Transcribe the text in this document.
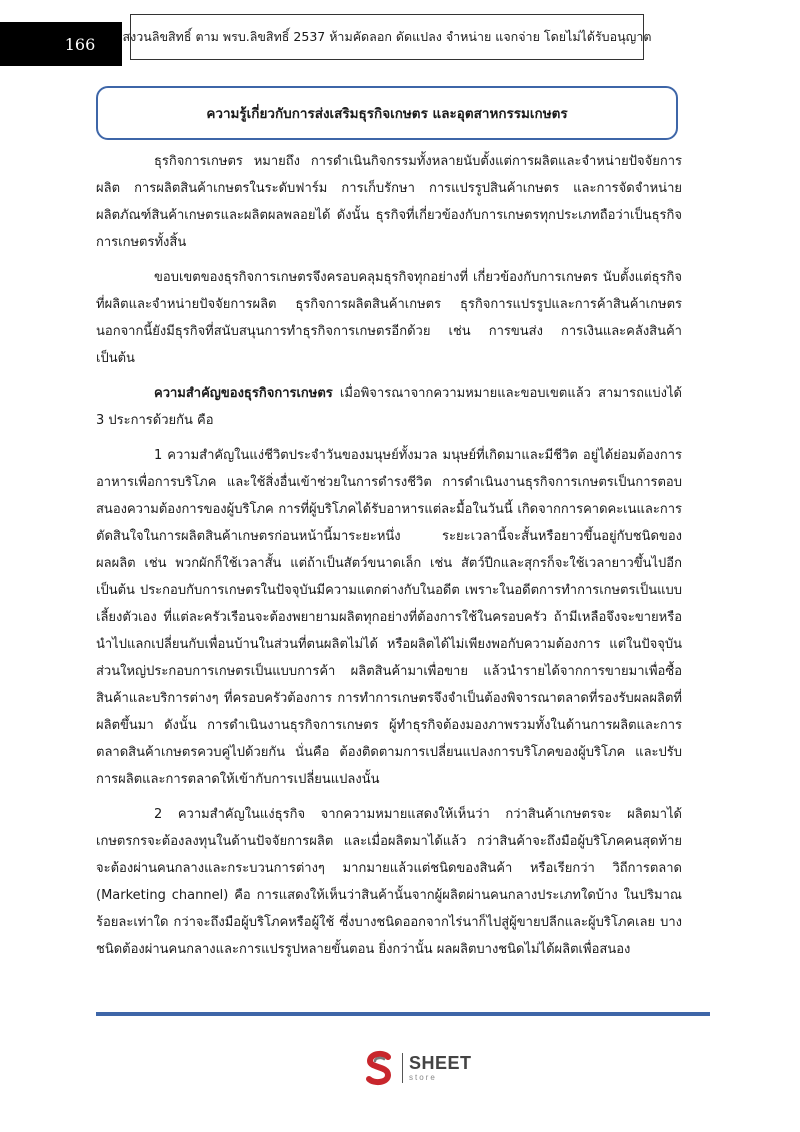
166	สงวนลิขสิทธิ์ ตาม พรบ.ลิขสิทธิ์ 2537 ห้ามคัดลอก ดัดแปลง จำหน่าย แจกจ่าย โดยไม่ได้รับอนุญาต
ความรู้เกี่ยวกับการส่งเสริมธุรกิจเกษตร และอุตสาหกรรมเกษตร

ธุรกิจการเกษตร หมายถึง การดำเนินกิจกรรมทั้งหลายนับตั้งแต่การผลิตและจำหน่ายปัจจัยการผลิต การผลิตสินค้าเกษตรในระดับฟาร์ม การเก็บรักษา การแปรรูปสินค้าเกษตร และการจัดจำหน่ายผลิตภัณฑ์สินค้าเกษตรและผลิตผลพลอยได้ ดังนั้น ธุรกิจที่เกี่ยวข้องกับการเกษตรทุกประเภทถือว่าเป็นธุรกิจการเกษตรทั้งสิ้น

ขอบเขตของธุรกิจการเกษตรจึงครอบคลุมธุรกิจทุกอย่างที่ เกี่ยวข้องกับการเกษตร นับตั้งแต่ธุรกิจที่ผลิตและจำหน่ายปัจจัยการผลิต ธุรกิจการผลิตสินค้าเกษตร ธุรกิจการแปรรูปและการค้าสินค้าเกษตร นอกจากนี้ยังมีธุรกิจที่สนับสนุนการทำธุรกิจการเกษตรอีกด้วย เช่น การขนส่ง การเงินและคลังสินค้า เป็นต้น

ความสำคัญของธุรกิจการเกษตร เมื่อพิจารณาจากความหมายและขอบเขตแล้ว สามารถแบ่งได้ 3 ประการด้วยกัน คือ

1 ความสำคัญในแง่ชีวิตประจำวันของมนุษย์ทั้งมวล มนุษย์ที่เกิดมาและมีชีวิต อยู่ได้ย่อมต้องการอาหารเพื่อการบริโภค และใช้สิ่งอื่นเข้าช่วยในการดำรงชีวิต การดำเนินงานธุรกิจการเกษตรเป็นการตอบสนองความต้องการของผู้บริโภค การที่ผู้บริโภคได้รับอาหารแต่ละมื้อในวันนี้ เกิดจากการคาดคะเนและการตัดสินใจในการผลิตสินค้าเกษตรก่อนหน้านี้มาระยะหนึ่ง ระยะเวลานี้จะสั้นหรือยาวขึ้นอยู่กับชนิดของผลผลิต เช่น พวกผักก็ใช้เวลาสั้น แต่ถ้าเป็นสัตว์ขนาดเล็ก เช่น สัตว์ปีกและสุกรก็จะใช้เวลายาวขึ้นไปอีก เป็นต้น ประกอบกับการเกษตรในปัจจุบันมีความแตกต่างกับในอดีต เพราะในอดีตการทำการเกษตรเป็นแบบเลี้ยงตัวเอง ที่แต่ละครัวเรือนจะต้องพยายามผลิตทุกอย่างที่ต้องการใช้ในครอบครัว ถ้ามีเหลือจึงจะขายหรือนำไปแลกเปลี่ยนกับเพื่อนบ้านในส่วนที่ตนผลิตไม่ได้ หรือผลิตได้ไม่เพียงพอกับความต้องการ แต่ในปัจจุบัน ส่วนใหญ่ประกอบการเกษตรเป็นแบบการค้า ผลิตสินค้ามาเพื่อขาย แล้วนำรายได้จากการขายมาเพื่อซื้อสินค้าและบริการต่างๆ ที่ครอบครัวต้องการ การทำการเกษตรจึงจำเป็นต้องพิจารณาตลาดที่รองรับผลผลิตที่ผลิตขึ้นมา ดังนั้น การดำเนินงานธุรกิจการเกษตร ผู้ทำธุรกิจต้องมองภาพรวมทั้งในด้านการผลิตและการตลาดสินค้าเกษตรควบคู่ไปด้วยกัน นั่นคือ ต้องติดตามการเปลี่ยนแปลงการบริโภคของผู้บริโภค และปรับการผลิตและการตลาดให้เข้ากับการเปลี่ยนแปลงนั้น

2 ความสำคัญในแง่ธุรกิจ จากความหมายแสดงให้เห็นว่า กว่าสินค้าเกษตรจะ ผลิตมาได้เกษตรกรจะต้องลงทุนในด้านปัจจัยการผลิต และเมื่อผลิตมาได้แล้ว กว่าสินค้าจะถึงมือผู้บริโภคคนสุดท้ายจะต้องผ่านคนกลางและกระบวนการต่างๆ มากมายแล้วแต่ชนิดของสินค้า หรือเรียกว่า วิถีการตลาด (Marketing channel) คือ การแสดงให้เห็นว่าสินค้านั้นจากผู้ผลิตผ่านคนกลางประเภทใดบ้าง ในปริมาณร้อยละเท่าใด กว่าจะถึงมือผู้บริโภคหรือผู้ใช้ ซึ่งบางชนิดออกจากไร่นาก็ไปสู่ผู้ขายปลีกและผู้บริโภคเลย บางชนิดต้องผ่านคนกลางและการแปรรูปหลายขั้นตอน ยิ่งกว่านั้น ผลผลิตบางชนิดไม่ได้ผลิตเพื่อสนอง

SHEET
store
